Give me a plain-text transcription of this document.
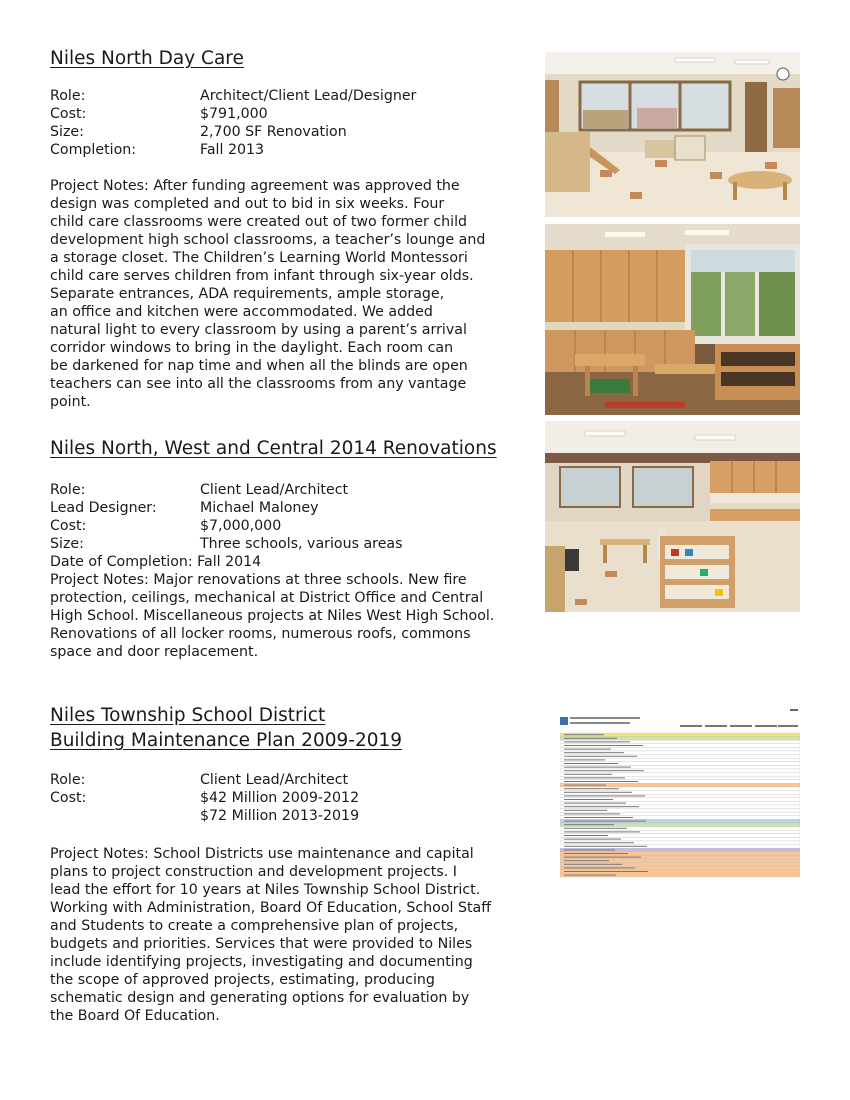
Niles North Day Care
Role:	Architect/Client Lead/Designer
Cost:	$791,000
Size:	2,700 SF Renovation
Completion:	Fall 2013

Project Notes: After funding agreement was approved the
design was completed and out to bid in six weeks. Four
child care classrooms were created out of two former child
development high school classrooms, a teacher’s lounge and
a storage closet. The Children’s Learning World Montessori
child care serves children from infant through six-year olds.
Separate entrances, ADA requirements, ample storage,
an office and kitchen were accommodated. We added
natural light to every classroom by using a parent’s arrival
corridor windows to bring in the daylight. Each room can
be darkened for nap time and when all the blinds are open
teachers can see into all the classrooms from any vantage
point.

Niles North, West and Central 2014 Renovations
Role:	Client Lead/Architect
Lead Designer:	Michael Maloney
Cost:	$7,000,000
Size:	Three schools, various areas
Date of Completion: Fall 2014

Project Notes: Major renovations at three schools. New fire
protection, ceilings, mechanical at District Office and Central
High School. Miscellaneous projects at Niles West High School.
Renovations of all locker rooms, numerous roofs, commons
space and door replacement.

Niles Township School District
Building Maintenance Plan 2009-2019
Role:	Client Lead/Architect
Cost:	$42 Million 2009-2012
$72 Million 2013-2019

Project Notes: School Districts use maintenance and capital
plans to project construction and development projects. I
lead the effort for 10 years at Niles Township School District.
Working with Administration, Board Of Education, School Staff
and Students to create a comprehensive plan of projects,
budgets and priorities. Services that were provided to Niles
include identifying projects, investigating and documenting
the scope of approved projects, estimating, producing
schematic design and generating options for evaluation by
the Board Of Education.
